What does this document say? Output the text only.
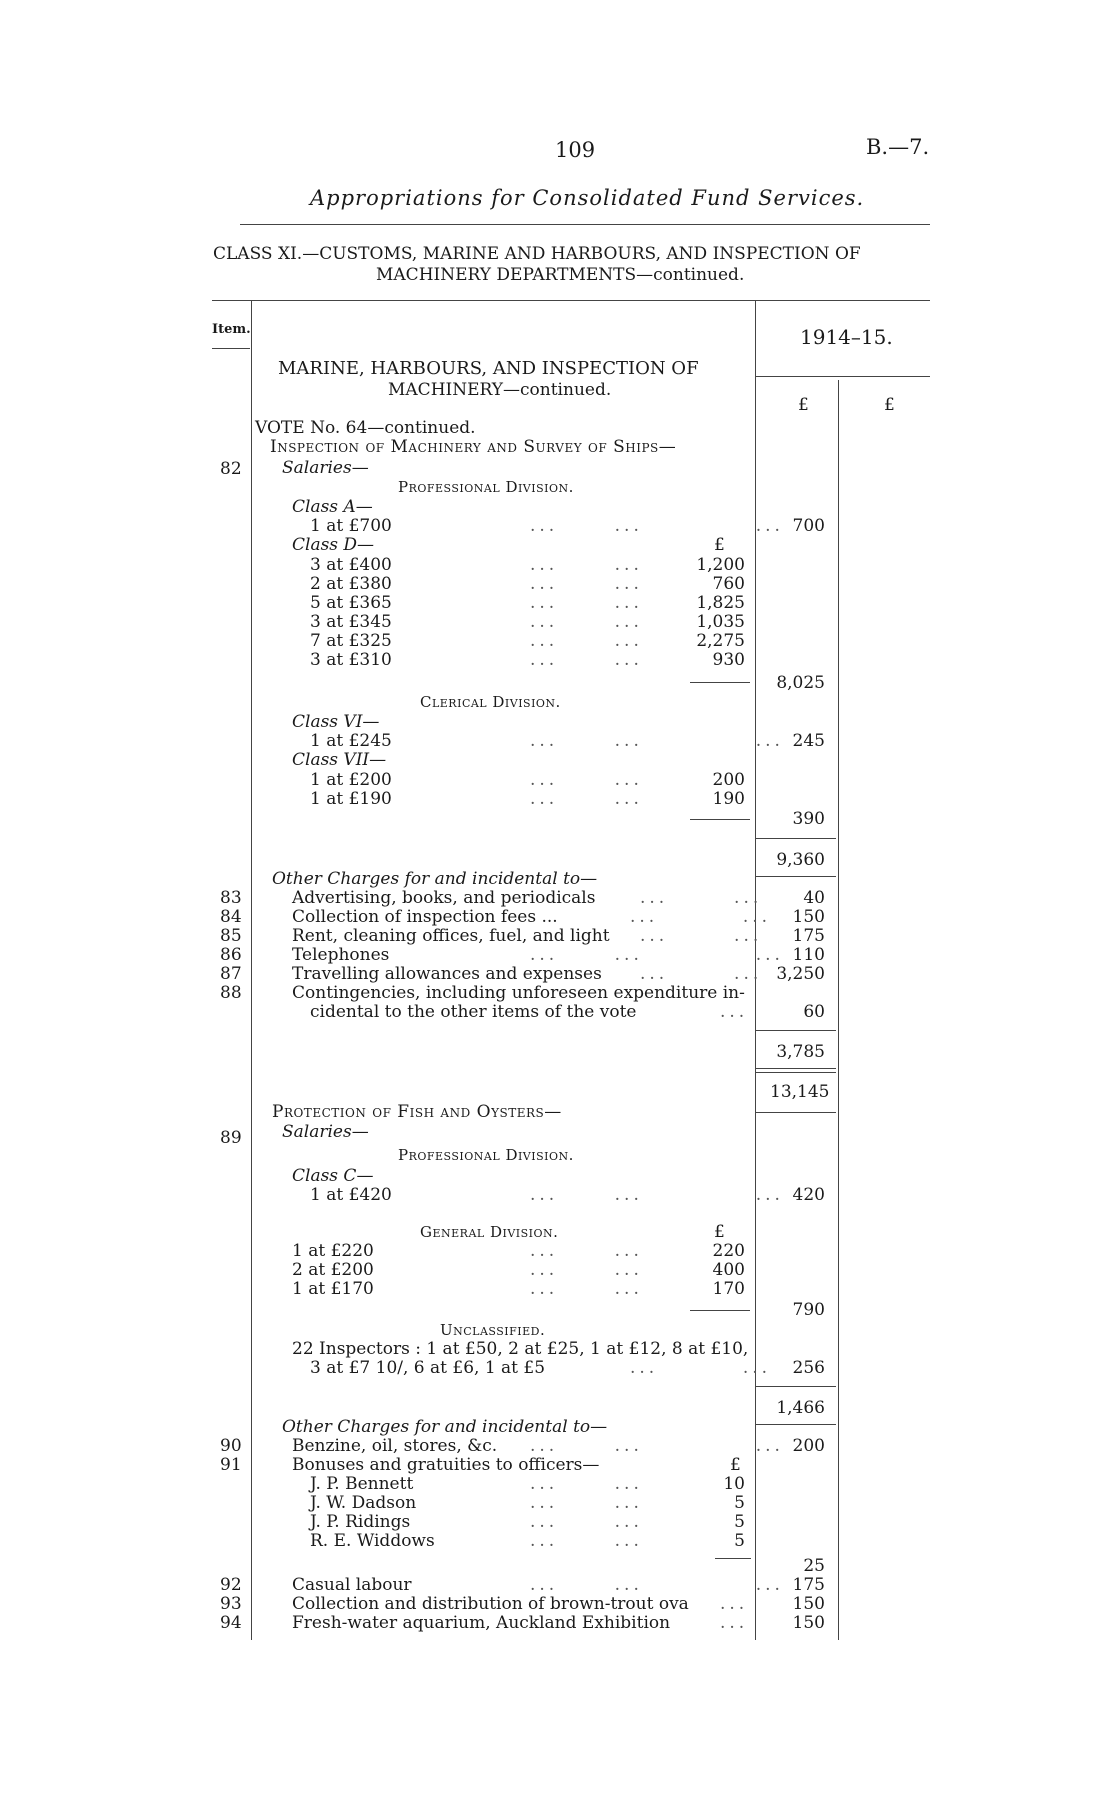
109	B.—7.
Appropriations for Consolidated Fund Services.
CLASS XI.—CUSTOMS, MARINE AND HARBOURS, AND INSPECTION OF
MACHINERY DEPARTMENTS—continued.
Item.	1914–15.
£	£
MARINE, HARBOURS, AND INSPECTION OF
MACHINERY—continued.
VOTE No. 64—continued.
Inspection of Machinery and Survey of Ships—
82 Salaries—
Professional Division.
Class A—
1 at £700	...      ...            ... 700
Class D—	£
3 at £400	...      ...	1,200
2 at £380	...      ...	760
5 at £365	...      ...	1,825
3 at £345	...      ...	1,035
7 at £325	...      ...	2,275
3 at £310	...      ...	930
8,025
Clerical Division.
Class VI—
1 at £245	...      ...            ... 245
Class VII—
1 at £200	...      ...	200
1 at £190	...      ...	190
390
9,360
Other Charges for and incidental to—
83	Advertising, books, and periodicals	...       ...	40
84	Collection of inspection fees ...	...         ...	150
85	Rent, cleaning offices, fuel, and light ...       ...	175
86	Telephones	...      ...            ... 110
87	Travelling allowances and expenses ...       ... 3,250
88	Contingencies, including unforeseen expenditure in-
cidental to the other items of the vote	...	60
3,785
13,145
Protection of Fish and Oysters—
89 Salaries—
Professional Division.
Class C—
1 at £420	...      ...            ... 420
General Division.	£
1 at £220	...      ...	220
2 at £200	...      ...	400
1 at £170	...      ...	170
790
Unclassified.
22 Inspectors : 1 at £50, 2 at £25, 1 at £12, 8 at £10,
3 at £7 10/, 6 at £6, 1 at £5	...         ...	256
1,466
Other Charges for and incidental to—
90	Benzine, oil, stores, &c. ...      ...            ... 200
91	Bonuses and gratuities to officers—	£
J. P. Bennett	...      ...	10
J. W. Dadson	...      ...	5
J. P. Ridings	...      ...	5
R. E. Widdows	...      ...	5
25
92	Casual labour	...      ...            ... 175
93	Collection and distribution of brown-trout ova ...	150
94	Fresh-water aquarium, Auckland Exhibition	...	150
